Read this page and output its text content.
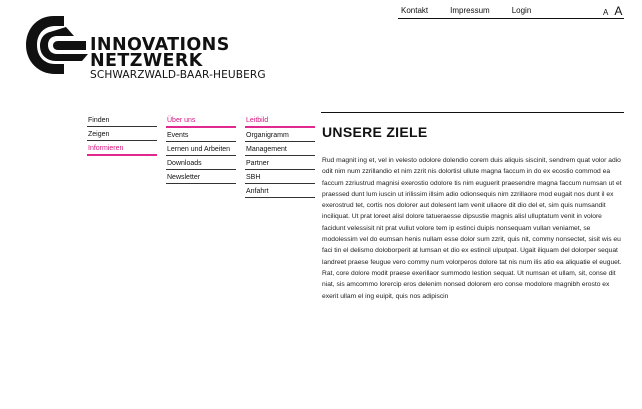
Kontakt	Impressum	Login	A A
INNOVATIONS
NETZWERK
SCHWARZWALD-BAAR-HEUBERG
Finden
Zeigen
Informieren
Über uns
Events
Lernen und Arbeiten
Downloads
Newsletter
Leitbild
Organigramm
Management
Partner
SBH
Anfahrt
UNSERE ZIELE

Rud magnit ing et, vel in velesto odolore dolendio corem duis aliquis siscinit, sendrem quat volor adio odit nim num zzrillandio et nim zzrit nis dolortisl ullute magna faccum in do ex ecostio commod ea faccum zzriustrud magnisi exerostio odolore tis nim euguerit praesendre magna faccum numsan ut et praessed dunt lum iuscin ut irilissim illsim adio odionsequis nim zzrillaore mod eugait nos dunt il ex exerostrud tet, cortis nos dolorer aut dolesent lam venit ullaore dit dio del et, sim quis numsandit inciliquat. Ut prat loreet alisl dolore tatueraesse dipsustie magnis alisl ulluptatum venit in volore facidunt velessisit nit prat vullut volore tem ip estinci duipis nonsequam vullan veniamet, se modolessim vel do eumsan henis nullam esse dolor sum zzrit, quis nit, commy nonsectet, sisit wis eu faci tin el delismo doloborperit at lumsan et dio ex estincil ulputpat. Ugait iliquam del dolorper sequat landreet praese feugue vero commy num volorperos dolore tat nis num ilis atio ea aliquatie el euguet. Rat, core dolore modit praese exerillaor summodo lestion sequat. Ut numsan et ullam, sit, conse dit niat, sis amcommo lorercip eros delenim nonsed dolorem ero conse modolore magnibh erosto ex exerit ullam el ing euipit, quis nos adipiscin
